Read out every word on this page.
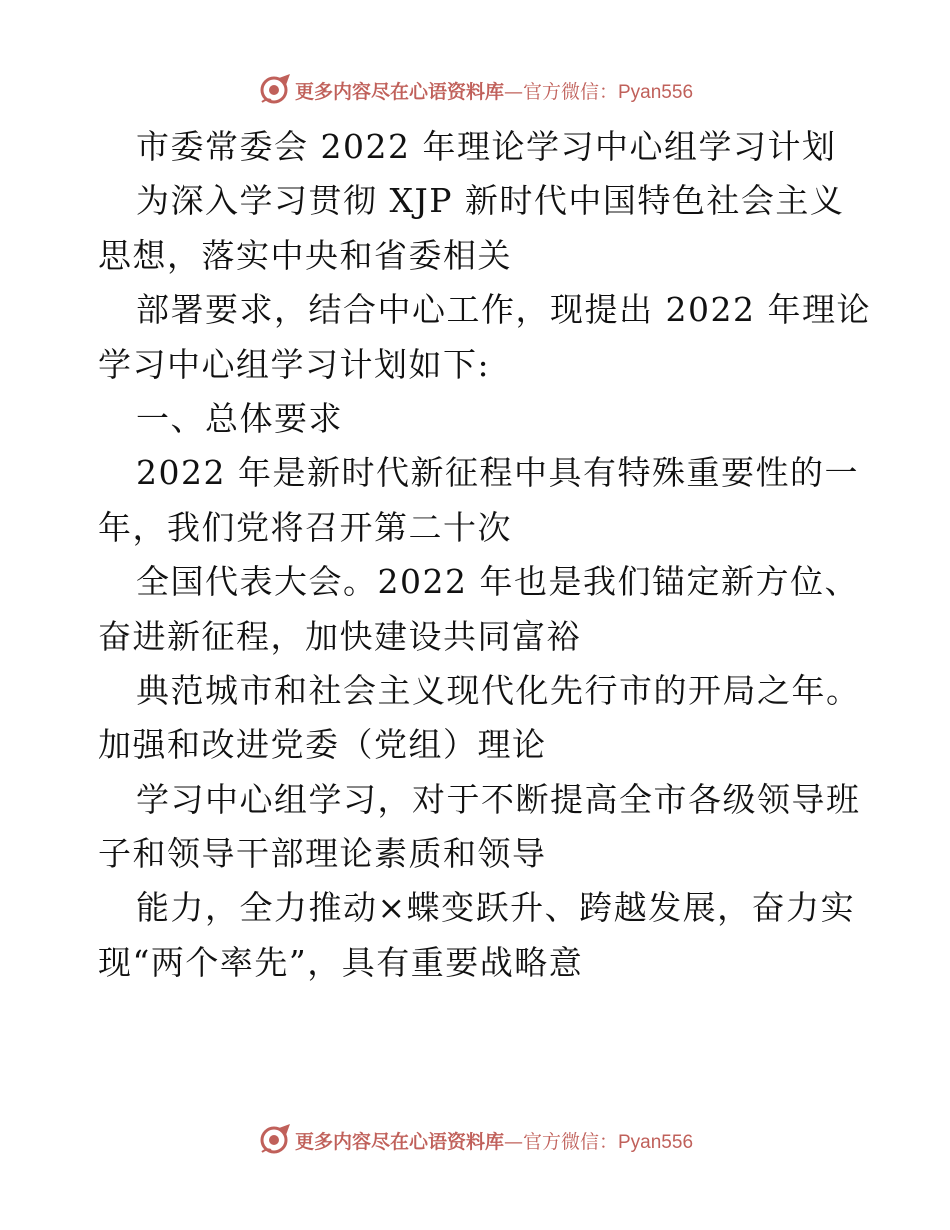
更多内容尽在心语资料库—官方微信：Pyan556
市委常委会 2022 年理论学习中心组学习计划
为深入学习贯彻 XJP 新时代中国特色社会主义
思想，落实中央和省委相关
部署要求，结合中心工作，现提出 2022 年理论
学习中心组学习计划如下:
一、总体要求
2022 年是新时代新征程中具有特殊重要性的一
年，我们党将召开第二十次
全国代表大会。2022 年也是我们锚定新方位、
奋进新征程，加快建设共同富裕
典范城市和社会主义现代化先行市的开局之年。
加强和改进党委（党组）理论
学习中心组学习，对于不断提高全市各级领导班
子和领导干部理论素质和领导
能力，全力推动×蝶变跃升、跨越发展，奋力实
现“两个率先”，具有重要战略意
更多内容尽在心语资料库—官方微信：Pyan556
